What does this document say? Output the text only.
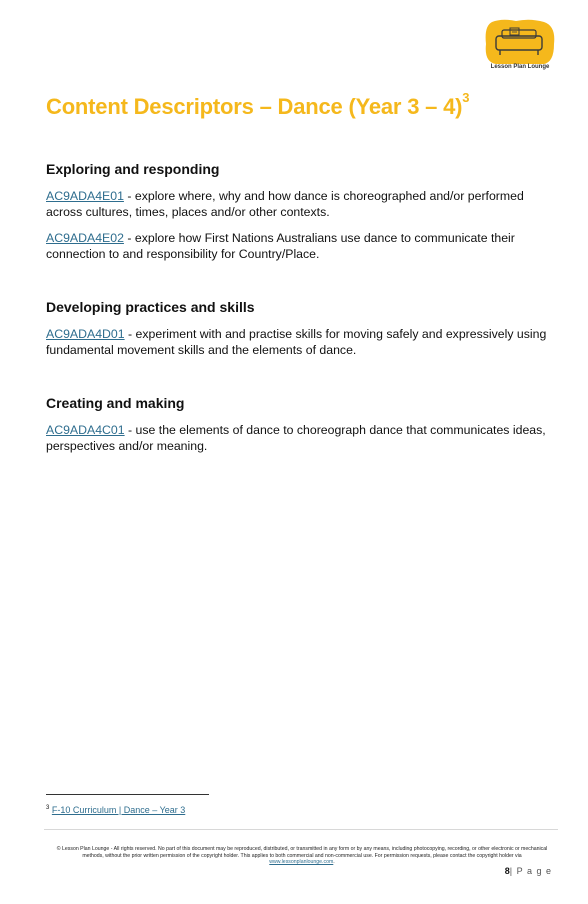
Lesson Plan Lounge
Content Descriptors – Dance (Year 3 – 4)$^3$
Exploring and responding

AC9ADA4E01 - explore where, why and how dance is choreographed and/or performed across cultures, times, places and/or other contexts.

AC9ADA4E02 - explore how First Nations Australians use dance to communicate their connection to and responsibility for Country/Place.

Developing practices and skills

AC9ADA4D01 - experiment with and practise skills for moving safely and expressively using fundamental movement skills and the elements of dance.

Creating and making

AC9ADA4C01 - use the elements of dance to choreograph dance that communicates ideas, perspectives and/or meaning.

$^3$ F-10 Curriculum | Dance – Year 3
© Lesson Plan Lounge - All rights reserved. No part of this document may be reproduced, distributed, or transmitted in any form or by any means, including photocopying, recording, or other electronic or mechanical methods, without the prior written permission of the copyright holder. This applies to both commercial and non-commercial use. For permission requests, please contact the copyright holder via www.lessonplanlounge.com.
8| P a g e
